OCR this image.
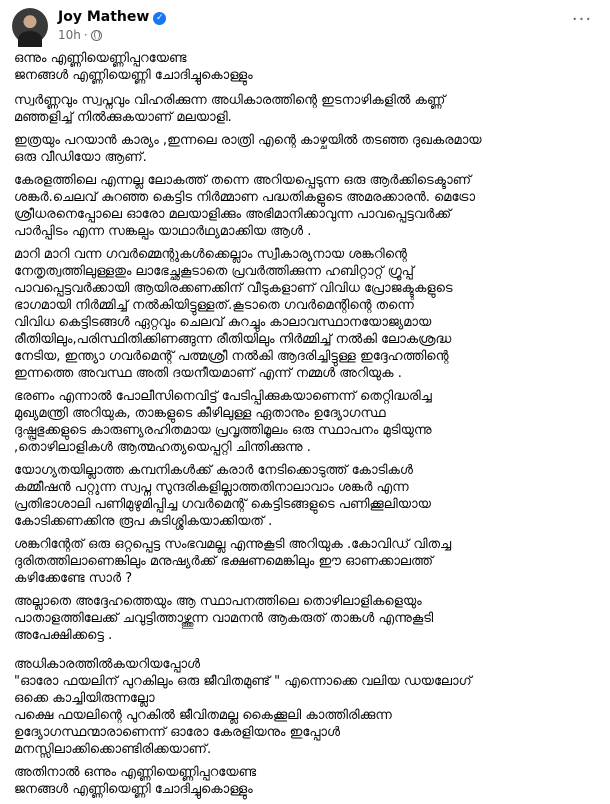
Joy Mathew ✓
10h ·
···
ഒന്നും എണ്ണിയെണ്ണിപ്പറയേണ്ട
ജനങ്ങൾ എണ്ണിയെണ്ണി ചോദിച്ചുകൊള്ളും
സ്വർണ്ണവും സ്വപ്നവും വിഹരിക്കുന്ന അധികാരത്തിന്റെ ഇടനാഴികളിൽ കണ്ണ്
മഞ്ഞളിച്ച് നിൽക്കുകയാണ് മലയാളി.
ഇത്രയും പറയാൻ കാര്യം ,ഇന്നലെ രാത്രി എന്റെ കാഴ്ചയിൽ തടഞ്ഞ ദുഖകരമായ
ഒരു വീഡിയോ ആണ്.
കേരളത്തിലെ എന്നല്ല ലോകത്ത് തന്നെ അറിയപ്പെടുന്ന ഒരു ആർക്കിടെക്ടാണ്
ശങ്കർ.ചെലവ് കുറഞ്ഞ കെട്ടിട നിർമ്മാണ പദ്ധതികളുടെ അമരക്കാരൻ. മെട്രോ
ശ്രീധരനെപ്പോലെ ഓരോ മലയാളിക്കും അഭിമാനിക്കാവുന്ന പാവപ്പെട്ടവർക്ക്
പാർപ്പിടം എന്ന സങ്കല്പം യാഥാർഥ്യമാക്കിയ ആൾ .
മാറി മാറി വന്ന ഗവർമ്മെന്റുകൾക്കെല്ലാം സ്വീകാര്യനായ ശങ്കറിന്റെ
നേതൃത്വത്തിലുള്ളതും ലാഭേച്ഛകൂടാതെ പ്രവർത്തിക്കുന്ന ഹബിറ്റാറ്റ് ഗ്രൂപ്പ്
പാവപ്പെട്ടവർക്കായി ആയിരക്കണക്കിന് വീടുകളാണ് വിവിധ പ്രോജക്ടുകളുടെ
ഭാഗമായി നിർമ്മിച്ച് നൽകിയിട്ടുള്ളത്.കൂടാതെ ഗവർമെന്റിന്റെ തന്നെ
വിവിധ കെട്ടിടങ്ങൾ ഏറ്റവും ചെലവ് കുറച്ചും കാലാവസ്ഥാനയോജ്യമായ
രീതിയിലും,പരിസ്ഥിതിക്കിണങ്ങുന്ന രീതിയിലും നിർമ്മിച്ച് നൽകി ലോകശ്രദ്ധ
നേടിയ, ഇന്ത്യാ ഗവർമെന്റ് പത്മശ്രീ നൽകി ആദരിച്ചിട്ടുള്ള ഇദ്ദേഹത്തിന്റെ
ഇന്നത്തെ അവസ്ഥ അതി ദയനീയമാണ് എന്ന് നമ്മൾ അറിയുക .
ഭരണം എന്നാൽ പോലീസിനെവിട്ട് പേടിപ്പിക്കുകയാണെന്ന് തെറ്റിദ്ധരിച്ച
മുഖ്യമന്ത്രി അറിയുക, താങ്കളുടെ കീഴിലുള്ള ഏതാനും ഉദ്യോഗസ്ഥ
ദുഷ്പ്രഭുക്കളുടെ കാരുണ്യരഹിതമായ പ്രവൃത്തിമൂലം ഒരു സ്ഥാപനം മുടിയുന്നു
,തൊഴിലാളികൾ ആത്മഹത്യയെപ്പറ്റി ചിന്തിക്കുന്നു .
യോഗ്യതയില്ലാത്ത കമ്പനികൾക്ക് കരാർ നേടിക്കൊടുത്ത് കോടികൾ
കമ്മീഷൻ പറ്റുന്ന സ്വപ്ന സുന്ദരികളില്ലാത്തതിനാലാവാം ശങ്കർ എന്ന
പ്രതിഭാശാലി പണിമുഴുമിപ്പിച്ച ഗവർമെന്റ് കെട്ടിടങ്ങളുടെ പണിക്കൂലിയായ
കോടിക്കണക്കിനു രൂപ കുടിശ്ശികയാക്കിയത് .
ശങ്കറിന്റേത് ഒരു ഒറ്റപ്പെട്ട സംഭവമല്ല എന്നുകൂടി അറിയുക .കോവിഡ് വിതച്ച
ദുരിതത്തിലാണെങ്കിലും മനുഷ്യർക്ക് ഭക്ഷണമെങ്കിലും ഈ ഓണക്കാലത്ത്
കഴിക്കേണ്ടേ സാർ ?
അല്ലാതെ അദ്ദേഹത്തെയും ആ സ്ഥാപനത്തിലെ തൊഴിലാളികളെയും
പാതാളത്തിലേക്ക് ചവുട്ടിത്താഴ്ത്തുന്ന വാമനൻ ആകരുത് താങ്കൾ എന്നുകൂടി
അപേക്ഷിക്കട്ടെ .
അധികാരത്തിൽകയറിയപ്പോൾ
"ഓരോ ഫയലിന് പുറകിലും ഒരു ജീവിതമുണ്ട് " എന്നൊക്കെ വലിയ ഡയലോഗ്
ഒക്കെ കാച്ചിയിരുന്നല്ലോ
പക്ഷെ ഫയലിന്റെ പുറകിൽ ജീവിതമല്ല കൈക്കൂലി കാത്തിരിക്കുന്ന
ഉദ്യോഗസ്ഥന്മാരാണെന്ന് ഓരോ കേരളിയനും ഇപ്പോൾ
മനസ്സിലാക്കിക്കൊണ്ടിരിക്കയാണ്.
അതിനാൽ ഒന്നും എണ്ണിയെണ്ണിപ്പറയേണ്ട
ജനങ്ങൾ എണ്ണിയെണ്ണി ചോദിച്ചുകൊള്ളും
